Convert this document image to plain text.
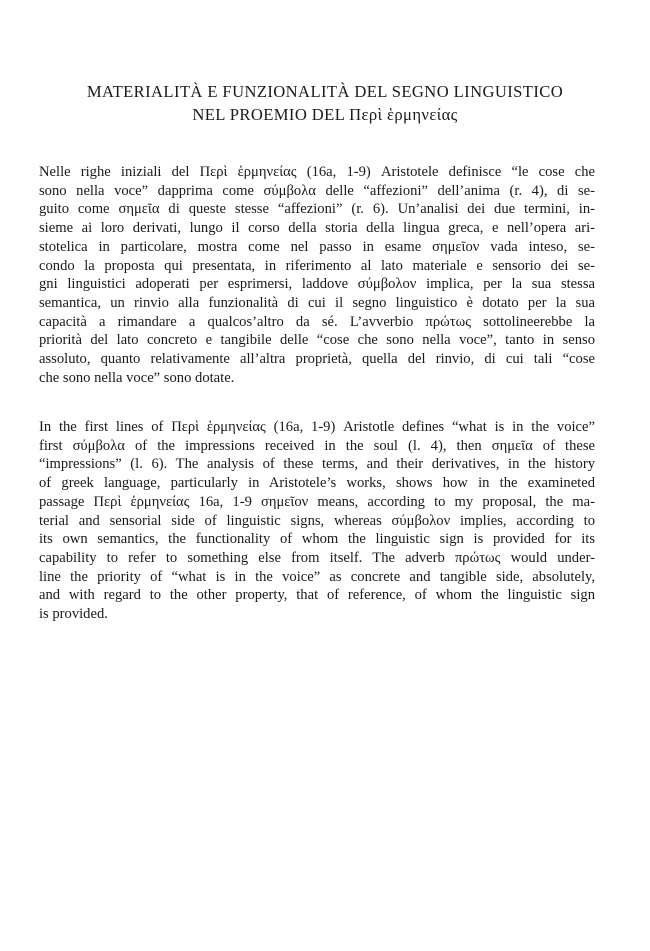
MATERIALITÀ E FUNZIONALITÀ DEL SEGNO LINGUISTICO
NEL PROEMIO DEL Περὶ ἑρμηνείας
Nelle righe iniziali del Περὶ ἑρμηνείας (16a, 1-9) Aristotele definisce “le cose che
sono nella voce” dapprima come σύμβολα delle “affezioni” dell’anima (r. 4), di se-
guito come σημεῖα di queste stesse “affezioni” (r. 6). Un’analisi dei due termini, in-
sieme ai loro derivati, lungo il corso della storia della lingua greca, e nell’opera ari-
stotelica in particolare, mostra come nel passo in esame σημεῖον vada inteso, se-
condo la proposta qui presentata, in riferimento al lato materiale e sensorio dei se-
gni linguistici adoperati per esprimersi, laddove σύμβολον implica, per la sua stessa
semantica, un rinvio alla funzionalità di cui il segno linguistico è dotato per la sua
capacità a rimandare a qualcos’altro da sé. L’avverbio πρώτως sottolineerebbe la
priorità del lato concreto e tangibile delle “cose che sono nella voce”, tanto in senso
assoluto, quanto relativamente all’altra proprietà, quella del rinvio, di cui tali “cose
che sono nella voce” sono dotate.
In the first lines of Περὶ ἑρμηνείας (16a, 1-9) Aristotle defines “what is in the voice”
first σύμβολα of the impressions received in the soul (l. 4), then σημεῖα of these
“impressions” (l. 6). The analysis of these terms, and their derivatives, in the history
of greek language, particularly in Aristotele’s works, shows how in the examineted
passage Περὶ ἑρμηνείας 16a, 1-9 σημεῖον means, according to my proposal, the ma-
terial and sensorial side of linguistic signs, whereas σύμβολον implies, according to
its own semantics, the functionality of whom the linguistic sign is provided for its
capability to refer to something else from itself. The adverb πρώτως would under-
line the priority of “what is in the voice” as concrete and tangible side, absolutely,
and with regard to the other property, that of reference, of whom the linguistic sign
is provided.
